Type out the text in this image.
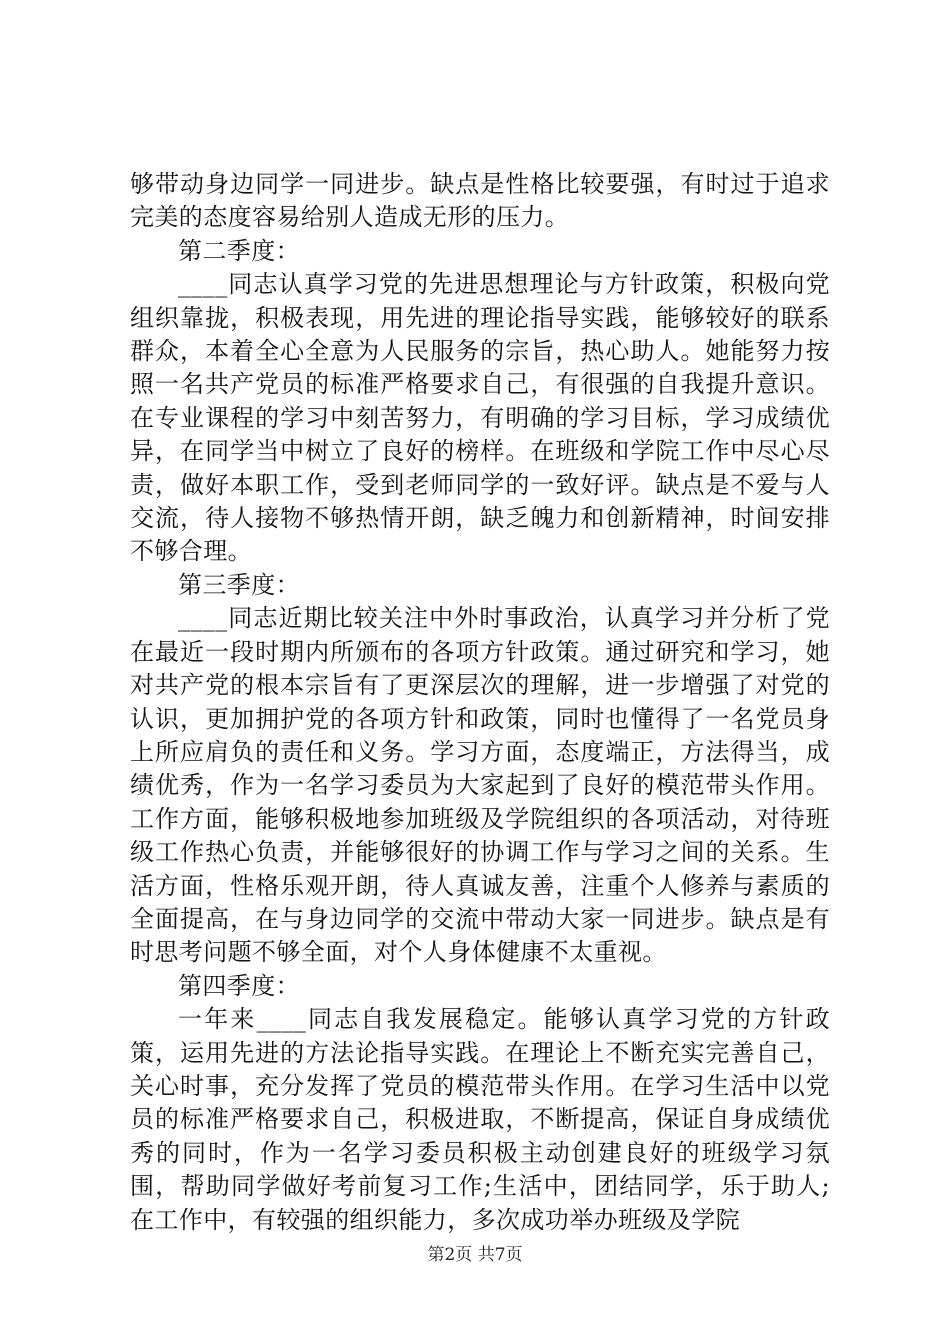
够带动身边同学一同进步。缺点是性格比较要强，有时过于追求完美的态度容易给别人造成无形的压力。

第二季度：

____同志认真学习党的先进思想理论与方针政策，积极向党组织靠拢，积极表现，用先进的理论指导实践，能够较好的联系群众，本着全心全意为人民服务的宗旨，热心助人。她能努力按照一名共产党员的标准严格要求自己，有很强的自我提升意识。在专业课程的学习中刻苦努力，有明确的学习目标，学习成绩优异，在同学当中树立了良好的榜样。在班级和学院工作中尽心尽责，做好本职工作，受到老师同学的一致好评。缺点是不爱与人交流，待人接物不够热情开朗，缺乏魄力和创新精神，时间安排不够合理。

第三季度：

____同志近期比较关注中外时事政治，认真学习并分析了党在最近一段时期内所颁布的各项方针政策。通过研究和学习，她对共产党的根本宗旨有了更深层次的理解，进一步增强了对党的认识，更加拥护党的各项方针和政策，同时也懂得了一名党员身上所应肩负的责任和义务。学习方面，态度端正，方法得当，成绩优秀，作为一名学习委员为大家起到了良好的模范带头作用。工作方面，能够积极地参加班级及学院组织的各项活动，对待班级工作热心负责，并能够很好的协调工作与学习之间的关系。生活方面，性格乐观开朗，待人真诚友善，注重个人修养与素质的全面提高，在与身边同学的交流中带动大家一同进步。缺点是有时思考问题不够全面，对个人身体健康不太重视。

第四季度：

一年来____同志自我发展稳定。能够认真学习党的方针政策，运用先进的方法论指导实践。在理论上不断充实完善自己，关心时事，充分发挥了党员的模范带头作用。在学习生活中以党员的标准严格要求自己，积极进取，不断提高，保证自身成绩优秀的同时，作为一名学习委员积极主动创建良好的班级学习氛围，帮助同学做好考前复习工作;生活中，团结同学，乐于助人;在工作中，有较强的组织能力，多次成功举办班级及学院

第2页 共7页
